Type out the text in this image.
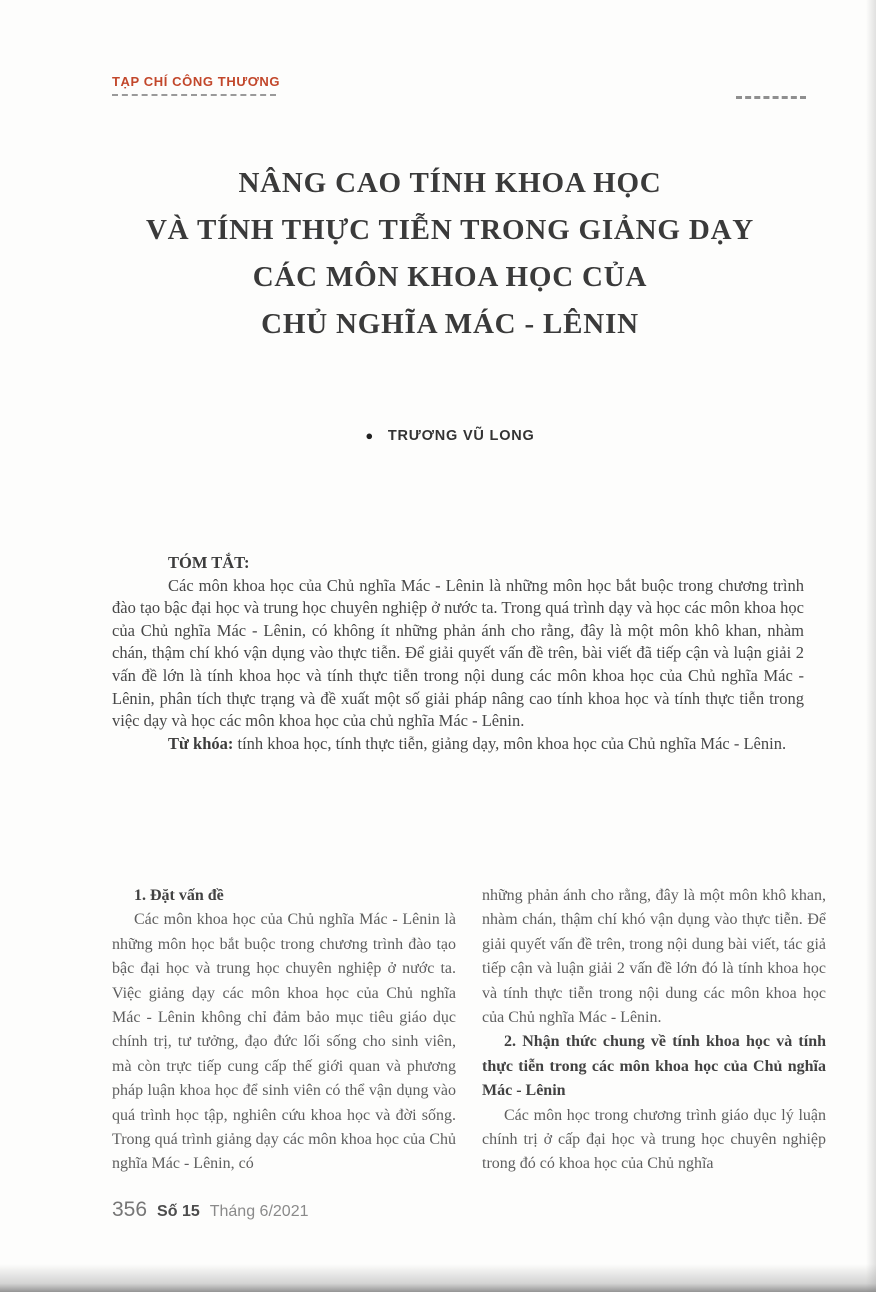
TẠP CHÍ CÔNG THƯƠNG
NÂNG CAO TÍNH KHOA HỌC
VÀ TÍNH THỰC TIỄN TRONG GIẢNG DẠY
CÁC MÔN KHOA HỌC CỦA
CHỦ NGHĨA MÁC - LÊNIN
● TRƯƠNG VŨ LONG

TÓM TẮT:

Các môn khoa học của Chủ nghĩa Mác - Lênin là những môn học bắt buộc trong chương trình đào tạo bậc đại học và trung học chuyên nghiệp ở nước ta. Trong quá trình dạy và học các môn khoa học của Chủ nghĩa Mác - Lênin, có không ít những phản ánh cho rằng, đây là một môn khô khan, nhàm chán, thậm chí khó vận dụng vào thực tiễn. Để giải quyết vấn đề trên, bài viết đã tiếp cận và luận giải 2 vấn đề lớn là tính khoa học và tính thực tiễn trong nội dung các môn khoa học của Chủ nghĩa Mác - Lênin, phân tích thực trạng và đề xuất một số giải pháp nâng cao tính khoa học và tính thực tiễn trong việc dạy và học các môn khoa học của chủ nghĩa Mác - Lênin.

Từ khóa: tính khoa học, tính thực tiễn, giảng dạy, môn khoa học của Chủ nghĩa Mác - Lênin.

1. Đặt vấn đề

Các môn khoa học của Chủ nghĩa Mác - Lênin là những môn học bắt buộc trong chương trình đào tạo bậc đại học và trung học chuyên nghiệp ở nước ta. Việc giảng dạy các môn khoa học của Chủ nghĩa Mác - Lênin không chỉ đảm bảo mục tiêu giáo dục chính trị, tư tưởng, đạo đức lối sống cho sinh viên, mà còn trực tiếp cung cấp thế giới quan và phương pháp luận khoa học để sinh viên có thể vận dụng vào quá trình học tập, nghiên cứu khoa học và đời sống. Trong quá trình giảng dạy các môn khoa học của Chủ nghĩa Mác - Lênin, có

những phản ánh cho rằng, đây là một môn khô khan, nhàm chán, thậm chí khó vận dụng vào thực tiễn. Để giải quyết vấn đề trên, trong nội dung bài viết, tác giả tiếp cận và luận giải 2 vấn đề lớn đó là tính khoa học và tính thực tiễn trong nội dung các môn khoa học của Chủ nghĩa Mác - Lênin.

2. Nhận thức chung về tính khoa học và tính thực tiễn trong các môn khoa học của Chủ nghĩa Mác - Lênin

Các môn học trong chương trình giáo dục lý luận chính trị ở cấp đại học và trung học chuyên nghiệp trong đó có khoa học của Chủ nghĩa

356 Số 15 Tháng 6/2021
